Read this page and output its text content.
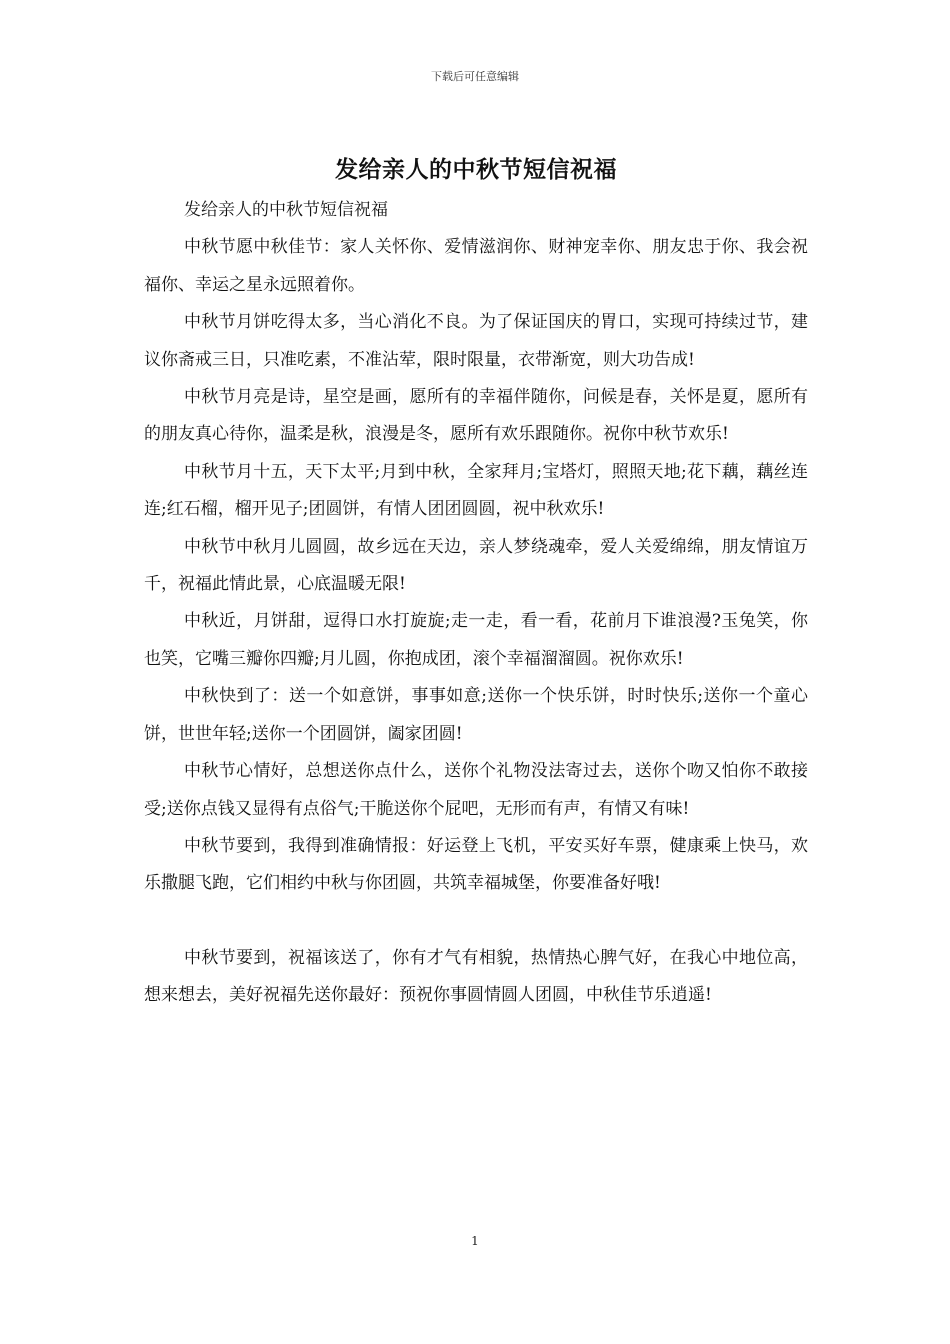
下载后可任意编辑
发给亲人的中秋节短信祝福

发给亲人的中秋节短信祝福

中秋节愿中秋佳节：家人关怀你、爱情滋润你、财神宠幸你、朋友忠于你、我会祝福你、幸运之星永远照着你。

中秋节月饼吃得太多，当心消化不良。为了保证国庆的胃口，实现可持续过节，建议你斋戒三日，只准吃素，不准沾荤，限时限量，衣带渐宽，则大功告成!

中秋节月亮是诗，星空是画，愿所有的幸福伴随你，问候是春，关怀是夏，愿所有的朋友真心待你，温柔是秋，浪漫是冬，愿所有欢乐跟随你。祝你中秋节欢乐!

中秋节月十五，天下太平;月到中秋，全家拜月;宝塔灯，照照天地;花下藕，藕丝连连;红石榴，榴开见子;团圆饼，有情人团团圆圆，祝中秋欢乐!

中秋节中秋月儿圆圆，故乡远在天边，亲人梦绕魂牵，爱人关爱绵绵，朋友情谊万千，祝福此情此景，心底温暖无限!

中秋近，月饼甜，逗得口水打旋旋;走一走，看一看，花前月下谁浪漫?玉兔笑，你也笑，它嘴三瓣你四瓣;月儿圆，你抱成团，滚个幸福溜溜圆。祝你欢乐!

中秋快到了：送一个如意饼，事事如意;送你一个快乐饼，时时快乐;送你一个童心饼，世世年轻;送你一个团圆饼，阖家团圆!

中秋节心情好，总想送你点什么，送你个礼物没法寄过去，送你个吻又怕你不敢接受;送你点钱又显得有点俗气;干脆送你个屁吧，无形而有声，有情又有味!

中秋节要到，我得到准确情报：好运登上飞机，平安买好车票，健康乘上快马，欢乐撒腿飞跑，它们相约中秋与你团圆，共筑幸福城堡，你要准备好哦!

中秋节要到，祝福该送了，你有才气有相貌，热情热心脾气好，在我心中地位高，想来想去，美好祝福先送你最好：预祝你事圆情圆人团圆，中秋佳节乐逍遥!

1
